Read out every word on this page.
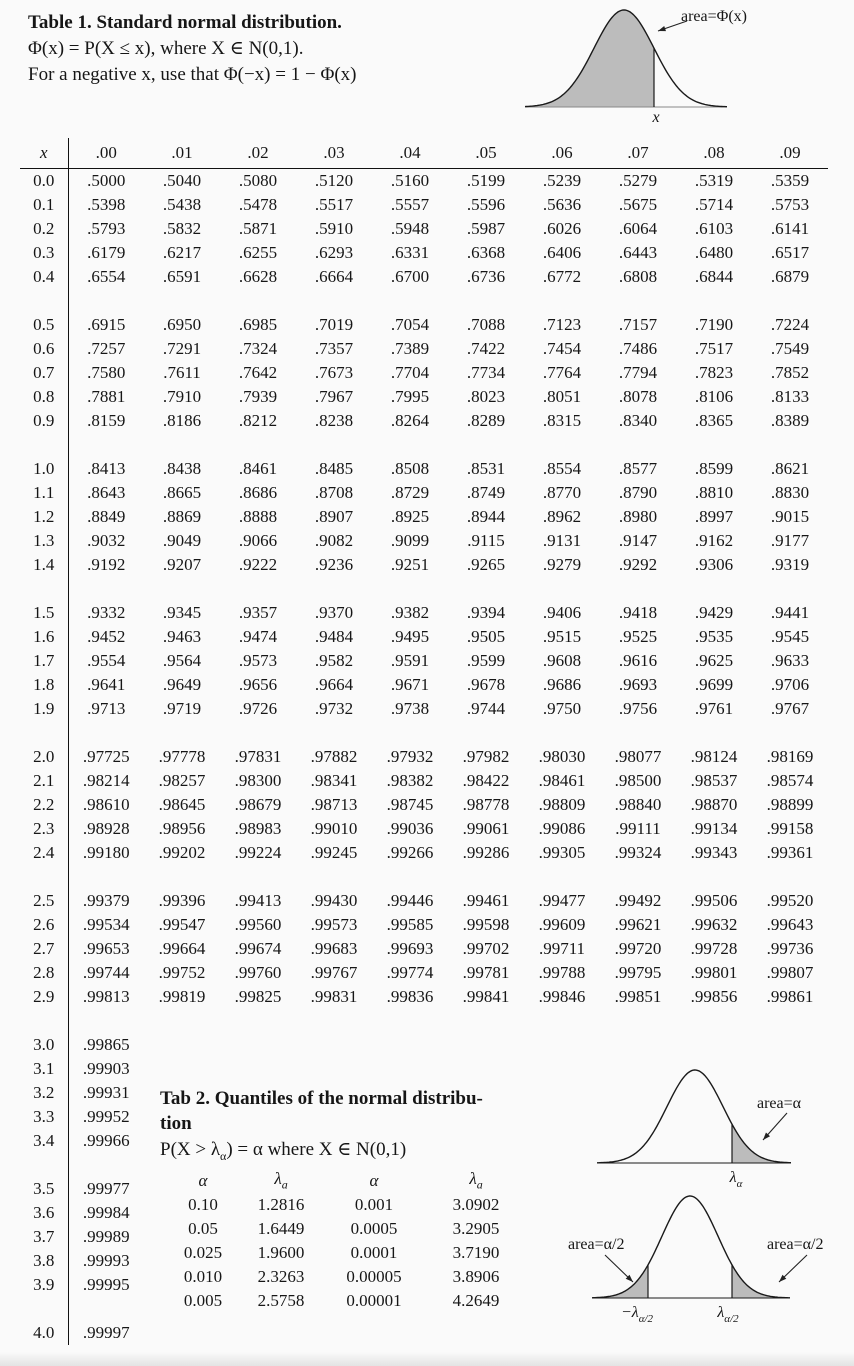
Table 1. Standard normal distribution.
Φ(x) = P(X ≤ x), where X ∈ N(0,1).
For a negative x, use that Φ(−x) = 1 − Φ(x)
area=Φ(x)
x
x	.00	.01	.02	.03	.04	.05	.06	.07	.08	.09
0.0	.5000	.5040	.5080	.5120	.5160	.5199	.5239	.5279	.5319	.5359
0.1	.5398	.5438	.5478	.5517	.5557	.5596	.5636	.5675	.5714	.5753
0.2	.5793	.5832	.5871	.5910	.5948	.5987	.6026	.6064	.6103	.6141
0.3	.6179	.6217	.6255	.6293	.6331	.6368	.6406	.6443	.6480	.6517
0.4	.6554	.6591	.6628	.6664	.6700	.6736	.6772	.6808	.6844	.6879

0.5	.6915	.6950	.6985	.7019	.7054	.7088	.7123	.7157	.7190	.7224
0.6	.7257	.7291	.7324	.7357	.7389	.7422	.7454	.7486	.7517	.7549
0.7	.7580	.7611	.7642	.7673	.7704	.7734	.7764	.7794	.7823	.7852
0.8	.7881	.7910	.7939	.7967	.7995	.8023	.8051	.8078	.8106	.8133
0.9	.8159	.8186	.8212	.8238	.8264	.8289	.8315	.8340	.8365	.8389

1.0	.8413	.8438	.8461	.8485	.8508	.8531	.8554	.8577	.8599	.8621
1.1	.8643	.8665	.8686	.8708	.8729	.8749	.8770	.8790	.8810	.8830
1.2	.8849	.8869	.8888	.8907	.8925	.8944	.8962	.8980	.8997	.9015
1.3	.9032	.9049	.9066	.9082	.9099	.9115	.9131	.9147	.9162	.9177
1.4	.9192	.9207	.9222	.9236	.9251	.9265	.9279	.9292	.9306	.9319

1.5	.9332	.9345	.9357	.9370	.9382	.9394	.9406	.9418	.9429	.9441
1.6	.9452	.9463	.9474	.9484	.9495	.9505	.9515	.9525	.9535	.9545
1.7	.9554	.9564	.9573	.9582	.9591	.9599	.9608	.9616	.9625	.9633
1.8	.9641	.9649	.9656	.9664	.9671	.9678	.9686	.9693	.9699	.9706
1.9	.9713	.9719	.9726	.9732	.9738	.9744	.9750	.9756	.9761	.9767

2.0	.97725	.97778	.97831	.97882	.97932	.97982	.98030	.98077	.98124	.98169
2.1	.98214	.98257	.98300	.98341	.98382	.98422	.98461	.98500	.98537	.98574
2.2	.98610	.98645	.98679	.98713	.98745	.98778	.98809	.98840	.98870	.98899
2.3	.98928	.98956	.98983	.99010	.99036	.99061	.99086	.99111	.99134	.99158
2.4	.99180	.99202	.99224	.99245	.99266	.99286	.99305	.99324	.99343	.99361

2.5	.99379	.99396	.99413	.99430	.99446	.99461	.99477	.99492	.99506	.99520
2.6	.99534	.99547	.99560	.99573	.99585	.99598	.99609	.99621	.99632	.99643
2.7	.99653	.99664	.99674	.99683	.99693	.99702	.99711	.99720	.99728	.99736
2.8	.99744	.99752	.99760	.99767	.99774	.99781	.99788	.99795	.99801	.99807
2.9	.99813	.99819	.99825	.99831	.99836	.99841	.99846	.99851	.99856	.99861

3.0	.99865									
3.1	.99903									
3.2	.99931									
3.3	.99952									
3.4	.99966									

3.5	.99977									
3.6	.99984									
3.7	.99989									
3.8	.99993									
3.9	.99995									

4.0	.99997									
Tab 2. Quantiles of the normal distribu-
tion
$P(X > \lambda_\alpha) = \alpha$ where X ∈ N(0,1)
α	$\lambda_a$	α	$\lambda_a$
0.10	1.2816	0.001	3.0902
0.05	1.6449	0.0005	3.2905
0.025	1.9600	0.0001	3.7190
0.010	2.3263	0.00005	3.8906
0.005	2.5758	0.00001	4.2649
area=α
$\lambda_\alpha$
area=α/2	area=α/2
$-\lambda_{\alpha/2}$	$\lambda_{\alpha/2}$
